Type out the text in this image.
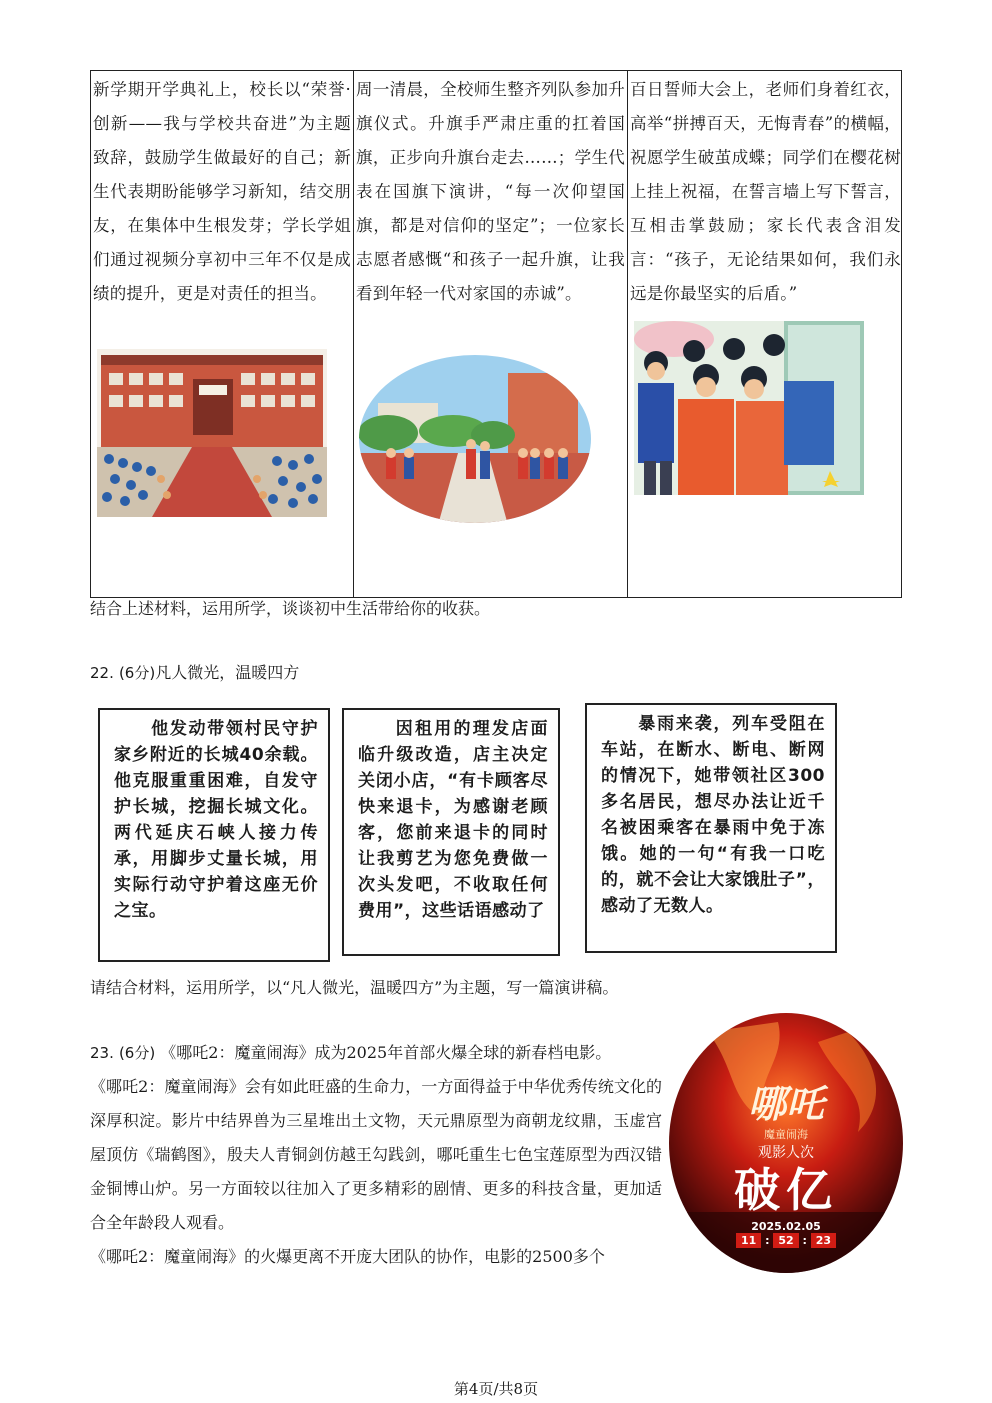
新学期开学典礼上，校长以“荣誉·创新——我与学校共奋进”为主题致辞，鼓励学生做最好的自己；新生代表期盼能够学习新知，结交朋友，在集体中生根发芽；学长学姐们通过视频分享初中三年不仅是成绩的提升，更是对责任的担当。
周一清晨，全校师生整齐列队参加升旗仪式。升旗手严肃庄重的扛着国旗，正步向升旗台走去……；学生代表在国旗下演讲，“每一次仰望国旗，都是对信仰的坚定”；一位家长志愿者感慨“和孩子一起升旗，让我看到年轻一代对家国的赤诚”。
百日誓师大会上，老师们身着红衣，高举“拼搏百天，无悔青春”的横幅，祝愿学生破茧成蝶；同学们在樱花树上挂上祝福，在誓言墙上写下誓言，互相击掌鼓励；家长代表含泪发言：“孩子，无论结果如何，我们永远是你最坚实的后盾。”
结合上述材料，运用所学，谈谈初中生活带给你的收获。
22. (6分)凡人微光，温暖四方
他发动带领村民守护家乡附近的长城40余载。他克服重重困难，自发守护长城，挖掘长城文化。两代延庆石峡人接力传承，用脚步丈量长城，用实际行动守护着这座无价之宝。
因租用的理发店面临升级改造，店主决定关闭小店，“有卡顾客尽快来退卡，为感谢老顾客，您前来退卡的同时让我剪艺为您免费做一次头发吧，不收取任何费用”，这些话语感动了
暴雨来袭，列车受阻在车站，在断水、断电、断网的情况下，她带领社区300多名居民，想尽办法让近千名被困乘客在暴雨中免于冻饿。她的一句“有我一口吃的，就不会让大家饿肚子”，感动了无数人。
请结合材料，运用所学，以“凡人微光，温暖四方”为主题，写一篇演讲稿。
23. (6分) 《哪吒2：魔童闹海》成为2025年首部火爆全球的新春档电影。
《哪吒2：魔童闹海》会有如此旺盛的生命力，一方面得益于中华优秀传统文化的深厚积淀。影片中结界兽为三星堆出土文物，天元鼎原型为商朝龙纹鼎，玉虚宫屋顶仿《瑞鹤图》，殷夫人青铜剑仿越王勾践剑，哪吒重生七色宝莲原型为西汉错金铜博山炉。另一方面较以往加入了更多精彩的剧情、更多的科技含量，更加适合全年龄段人观看。
《哪吒2：魔童闹海》的火爆更离不开庞大团队的协作，电影的2500多个
哪吒
魔童闹海
观影人次
破亿
2025.02.05
11 : 52 : 23
第4页/共8页
